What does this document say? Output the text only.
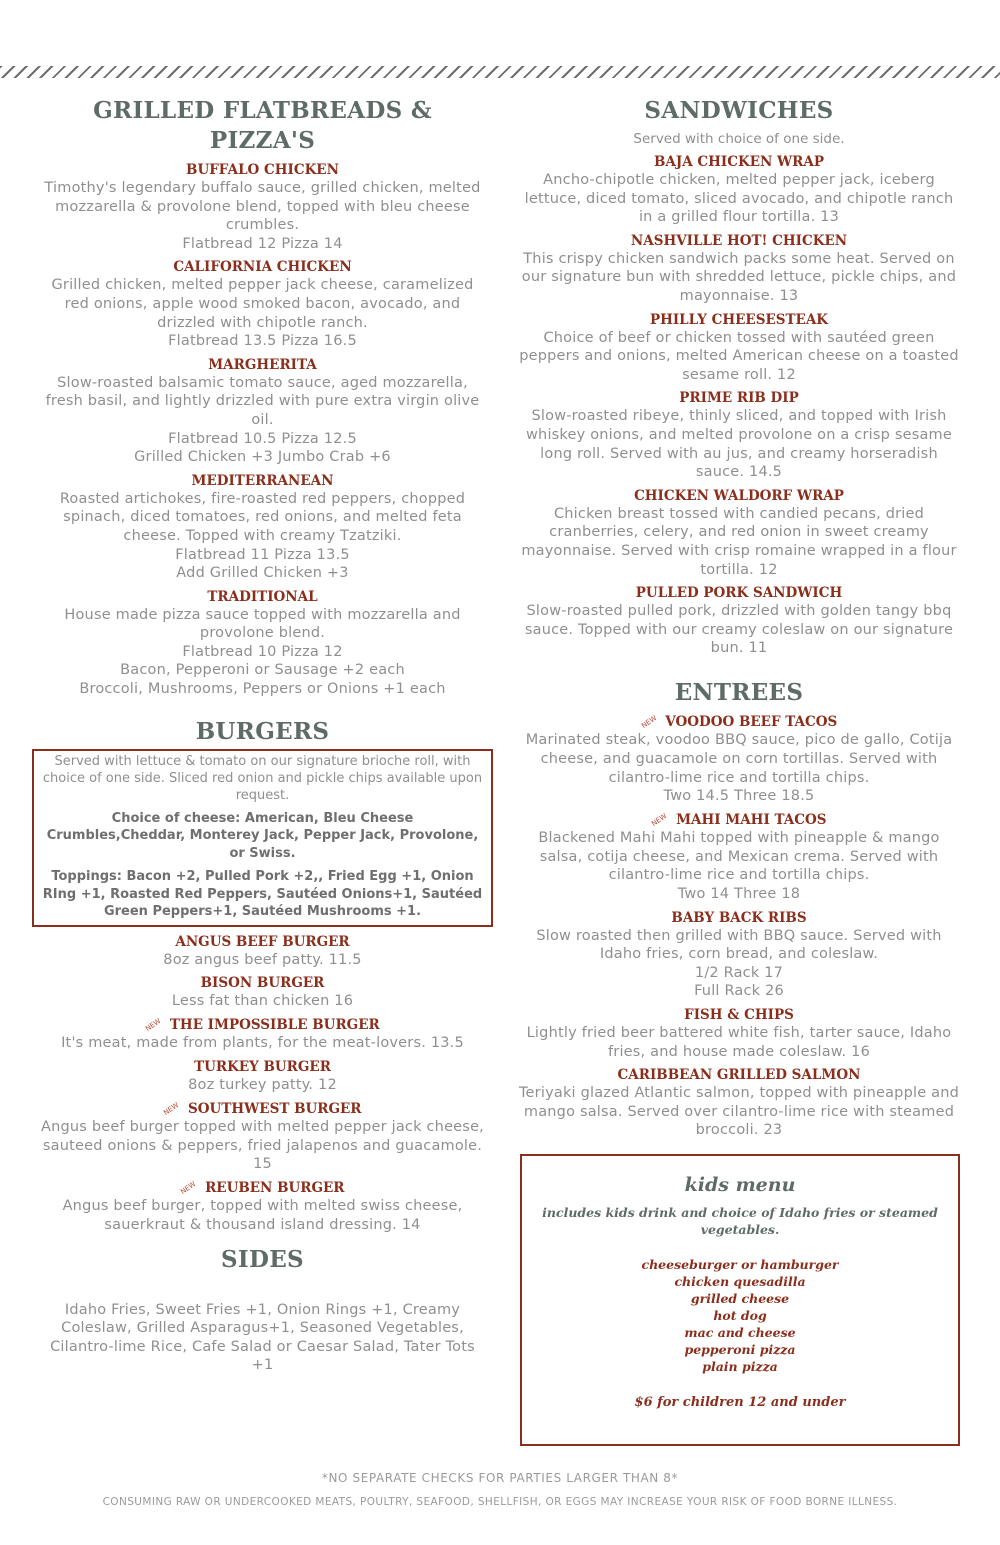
GRILLED FLATBREADS & PIZZA'S
BUFFALO CHICKEN
Timothy's legendary buffalo sauce, grilled chicken, melted mozzarella & provolone blend, topped with bleu cheese crumbles.
Flatbread 12 Pizza 14
CALIFORNIA CHICKEN
Grilled chicken, melted pepper jack cheese, caramelized red onions, apple wood smoked bacon, avocado, and drizzled with chipotle ranch.
Flatbread 13.5 Pizza 16.5
MARGHERITA
Slow-roasted balsamic tomato sauce, aged mozzarella, fresh basil, and lightly drizzled with pure extra virgin olive oil.
Flatbread 10.5 Pizza 12.5
Grilled Chicken +3 Jumbo Crab +6
MEDITERRANEAN
Roasted artichokes, fire-roasted red peppers, chopped spinach, diced tomatoes, red onions, and melted feta cheese. Topped with creamy Tzatziki.
Flatbread 11 Pizza 13.5
Add Grilled Chicken +3
TRADITIONAL
House made pizza sauce topped with mozzarella and provolone blend.
Flatbread 10 Pizza 12
Bacon, Pepperoni or Sausage +2 each
Broccoli, Mushrooms, Peppers or Onions +1 each
BURGERS
Served with lettuce & tomato on our signature brioche roll, with choice of one side. Sliced red onion and pickle chips available upon request.
Choice of cheese: American, Bleu Cheese Crumbles,Cheddar, Monterey Jack, Pepper Jack, Provolone, or Swiss.
Toppings: Bacon +2, Pulled Pork +2,, Fried Egg +1, Onion RIng +1, Roasted Red Peppers, Sautéed Onions+1, Sautéed Green Peppers+1, Sautéed Mushrooms +1.
ANGUS BEEF BURGER
8oz angus beef patty. 11.5
BISON BURGER
Less fat than chicken 16
NEW THE IMPOSSIBLE BURGER
It's meat, made from plants, for the meat-lovers. 13.5
TURKEY BURGER
8oz turkey patty. 12
NEW SOUTHWEST BURGER
Angus beef burger topped with melted pepper jack cheese, sauteed onions & peppers, fried jalapenos and guacamole. 15
NEW REUBEN BURGER
Angus beef burger, topped with melted swiss cheese, sauerkraut & thousand island dressing. 14
SIDES
Idaho Fries, Sweet Fries +1, Onion Rings +1, Creamy Coleslaw, Grilled Asparagus+1, Seasoned Vegetables, Cilantro-lime Rice, Cafe Salad or Caesar Salad, Tater Tots +1
SANDWICHES
Served with choice of one side.
BAJA CHICKEN WRAP
Ancho-chipotle chicken, melted pepper jack, iceberg lettuce, diced tomato, sliced avocado, and chipotle ranch in a grilled flour tortilla. 13
NASHVILLE HOT! CHICKEN
This crispy chicken sandwich packs some heat. Served on our signature bun with shredded lettuce, pickle chips, and mayonnaise. 13
PHILLY CHEESESTEAK
Choice of beef or chicken tossed with sautéed green peppers and onions, melted American cheese on a toasted sesame roll. 12
PRIME RIB DIP
Slow-roasted ribeye, thinly sliced, and topped with Irish whiskey onions, and melted provolone on a crisp sesame long roll. Served with au jus, and creamy horseradish sauce. 14.5
CHICKEN WALDORF WRAP
Chicken breast tossed with candied pecans, dried cranberries, celery, and red onion in sweet creamy mayonnaise. Served with crisp romaine wrapped in a flour tortilla. 12
PULLED PORK SANDWICH
Slow-roasted pulled pork, drizzled with golden tangy bbq sauce. Topped with our creamy coleslaw on our signature bun. 11
ENTREES
NEW VOODOO BEEF TACOS
Marinated steak, voodoo BBQ sauce, pico de gallo, Cotija cheese, and guacamole on corn tortillas. Served with cilantro-lime rice and tortilla chips.
Two 14.5 Three 18.5
NEW MAHI MAHI TACOS
Blackened Mahi Mahi topped with pineapple & mango salsa, cotija cheese, and Mexican crema. Served with cilantro-lime rice and tortilla chips.
Two 14 Three 18
BABY BACK RIBS
Slow roasted then grilled with BBQ sauce. Served with Idaho fries, corn bread, and coleslaw.
1/2 Rack 17
Full Rack 26
FISH & CHIPS
Lightly fried beer battered white fish, tarter sauce, Idaho fries, and house made coleslaw. 16
CARIBBEAN GRILLED SALMON
Teriyaki glazed Atlantic salmon, topped with pineapple and mango salsa. Served over cilantro-lime rice with steamed broccoli. 23
kids menu
includes kids drink and choice of Idaho fries or steamed vegetables.
cheeseburger or hamburger
chicken quesadilla
grilled cheese
hot dog
mac and cheese
pepperoni pizza
plain pizza
$6 for children 12 and under
*NO SEPARATE CHECKS FOR PARTIES LARGER THAN 8*
CONSUMING RAW OR UNDERCOOKED MEATS, POULTRY, SEAFOOD, SHELLFISH, OR EGGS MAY INCREASE YOUR RISK OF FOOD BORNE ILLNESS.
